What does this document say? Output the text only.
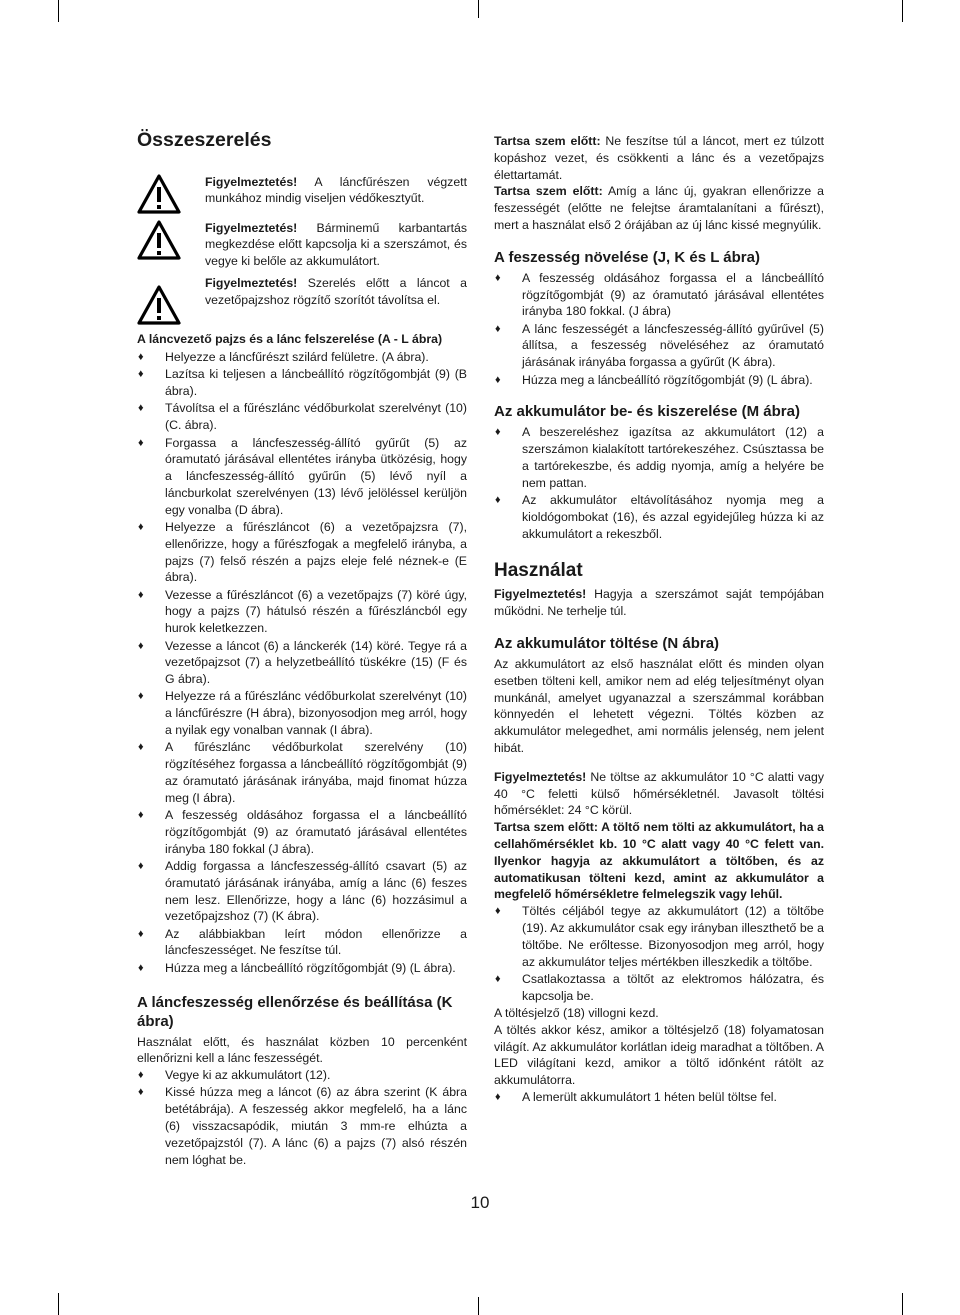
Összeszerelés
Figyelmeztetés! A láncfűrészen végzett munkához mindig viseljen védőkesztyűt.
Figyelmeztetés! Bárminemű karbantartás megkezdése előtt kapcsolja ki a szerszámot, és vegye ki belőle az akkumulátort.
Figyelmeztetés! Szerelés előtt a láncot a vezetőpajzshoz rögzítő szorítót távolítsa el.
A láncvezető pajzs és a lánc felszerelése (A - L ábra)
♦ Helyezze a láncfűrészt szilárd felületre. (A ábra).
♦ Lazítsa ki teljesen a láncbeállító rögzítőgombját (9) (B ábra).
♦ Távolítsa el a fűrészlánc védőburkolat szerelvényt (10) (C. ábra).
♦ Forgassa a láncfeszesség-állító gyűrűt (5) az óramutató járásával ellentétes irányba ütközésig, hogy a láncfeszesség-állító gyűrűn (5) lévő nyíl a láncburkolat szerelvényen (13) lévő jelöléssel kerüljön egy vonalba (D ábra).
♦ Helyezze a fűrészláncot (6) a vezetőpajzsra (7), ellenőrizze, hogy a fűrészfogak a megfelelő irányba, a pajzs (7) felső részén a pajzs eleje felé néznek-e (E ábra).
♦ Vezesse a fűrészláncot (6) a vezetőpajzs (7) köré úgy, hogy a pajzs (7) hátulsó részén a fűrészláncból egy hurok keletkezzen.
♦ Vezesse a láncot (6) a lánckerék (14) köré. Tegye rá a vezetőpajzsot (7) a helyzetbeállító tüskékre (15) (F és G ábra).
♦ Helyezze rá a fűrészlánc védőburkolat szerelvényt (10) a láncfűrészre (H ábra), bizonyosodjon meg arról, hogy a nyilak egy vonalban vannak (I ábra).
♦ A fűrészlánc védőburkolat szerelvény (10) rögzítéséhez forgassa a láncbeállító rögzítőgombját (9) az óramutató járásának irányába, majd finomat húzza meg (I ábra).
♦ A feszesség oldásához forgassa el a láncbeállító rögzítőgombját (9) az óramutató járásával ellentétes irányba 180 fokkal (J ábra).
♦ Addig forgassa a láncfeszesség-állító csavart (5) az óramutató járásának irányába, amíg a lánc (6) feszes nem lesz. Ellenőrizze, hogy a lánc (6) hozzásimul a vezetőpajzshoz (7) (K ábra).
♦ Az alábbiakban leírt módon ellenőrizze a láncfeszességet. Ne feszítse túl.
♦ Húzza meg a láncbeállító rögzítőgombját (9) (L ábra).
A láncfeszesség ellenőrzése és beállítása (K ábra)

Használat előtt, és használat közben 10 percenként ellenőrizni kell a lánc feszességét.

♦ Vegye ki az akkumulátort (12).
♦ Kissé húzza meg a láncot (6) az ábra szerint (K ábra betétábrája). A feszesség akkor megfelelő, ha a lánc (6) visszacsapódik, miután 3 mm-re elhúzta a vezetőpajzstól (7). A lánc (6) a pajzs (7) alsó részén nem lóghat be.

Tartsa szem előtt: Ne feszítse túl a láncot, mert ez túlzott kopáshoz vezet, és csökkenti a lánc és a vezetőpajzs élettartamát.

Tartsa szem előtt: Amíg a lánc új, gyakran ellenőrizze a feszességét (előtte ne felejtse áramtalanítani a fűrészt), mert a használat első 2 órájában az új lánc kissé megnyúlik.

A feszesség növelése (J, K és L ábra)
♦ A feszesség oldásához forgassa el a láncbeállító rögzítőgombját (9) az óramutató járásával ellentétes irányba 180 fokkal. (J ábra)
♦ A lánc feszességét a láncfeszesség-állító gyűrűvel (5) állítsa, a feszesség növeléséhez az óramutató járásának irányába forgassa a gyűrűt (K ábra).
♦ Húzza meg a láncbeállító rögzítőgombját (9) (L ábra).
Az akkumulátor be- és kiszerelése (M ábra)
♦ A beszereléshez igazítsa az akkumulátort (12) a szerszámon kialakított tartórekeszéhez. Csúsztassa be a tartórekeszbe, és addig nyomja, amíg a helyére be nem pattan.
♦ Az akkumulátor eltávolításához nyomja meg a kioldógombokat (16), és azzal egyidejűleg húzza ki az akkumulátort a rekeszből.
Használat

Figyelmeztetés! Hagyja a szerszámot saját tempójában működni. Ne terhelje túl.

Az akkumulátor töltése (N ábra)

Az akkumulátort az első használat előtt és minden olyan esetben tölteni kell, amikor nem ad elég teljesítményt olyan munkánál, amelyet ugyanazzal a szerszámmal korábban könnyedén el lehetett végezni. Töltés közben az akkumulátor melegedhet, ami normális jelenség, nem jelent hibát.

Figyelmeztetés! Ne töltse az akkumulátor 10 °C alatti vagy 40 °C feletti külső hőmérsékletnél. Javasolt töltési hőmérséklet: 24 °C körül.

Tartsa szem előtt: A töltő nem tölti az akkumulátort, ha a cellahőmérséklet kb. 10 °C alatt vagy 40 °C felett van. Ilyenkor hagyja az akkumulátort a töltőben, és az automatikusan tölteni kezd, amint az akkumulátor a megfelelő hőmérsékletre felmelegszik vagy lehűl.

♦ Töltés céljából tegye az akkumulátort (12) a töltőbe (19). Az akkumulátor csak egy irányban illeszthető be a töltőbe. Ne erőltesse. Bizonyosodjon meg arról, hogy az akkumulátor teljes mértékben illeszkedik a töltőbe.
♦ Csatlakoztassa a töltőt az elektromos hálózatra, és kapcsolja be.

A töltésjelző (18) villogni kezd.

A töltés akkor kész, amikor a töltésjelző (18) folyamatosan világít. Az akkumulátor korlátlan ideig maradhat a töltőben. A LED világítani kezd, amikor a töltő időnként rátölt az akkumulátorra.

♦ A lemerült akkumulátort 1 héten belül töltse fel.
10
